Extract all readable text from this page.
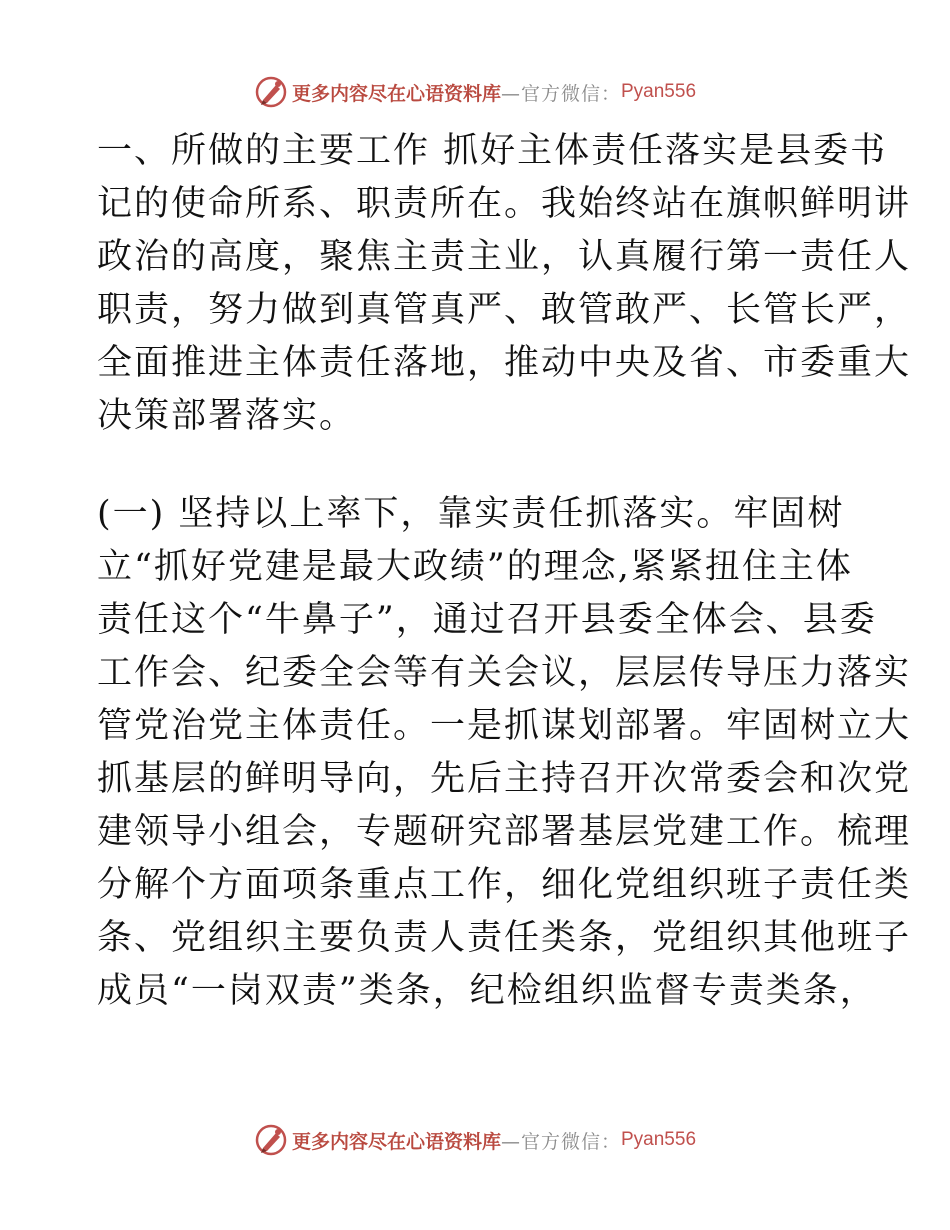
更多内容尽在心语资料库 —官方微信： Pyan556
一、所做的主要工作 抓好主体责任落实是县委书
记的使命所系、职责所在。我始终站在旗帜鲜明讲
政治的高度，聚焦主责主业，认真履行第一责任人
职责，努力做到真管真严、敢管敢严、长管长严，
全面推进主体责任落地，推动中央及省、市委重大
决策部署落实。
(一) 坚持以上率下，靠实责任抓落实。牢固树
立“抓好党建是最大政绩”的理念,紧紧扭住主体
责任这个“牛鼻子”，通过召开县委全体会、县委
工作会、纪委全会等有关会议，层层传导压力落实
管党治党主体责任。一是抓谋划部署。牢固树立大
抓基层的鲜明导向，先后主持召开次常委会和次党
建领导小组会，专题研究部署基层党建工作。梳理
分解个方面项条重点工作，细化党组织班子责任类
条、党组织主要负责人责任类条，党组织其他班子
成员“一岗双责”类条，纪检组织监督专责类条，
更多内容尽在心语资料库 —官方微信： Pyan556
